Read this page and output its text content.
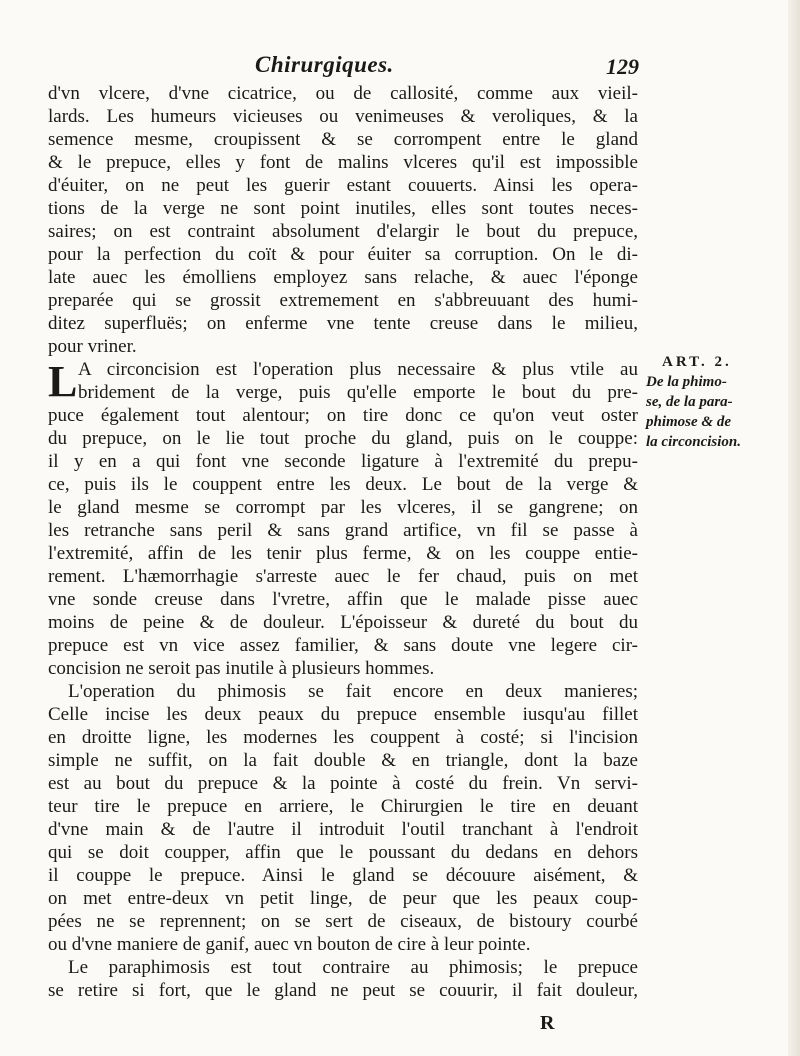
Chirurgiques.	129
d'vn vlcere, d'vne cicatrice, ou de callosité, comme aux vieil-
lards. Les humeurs vicieuses ou venimeuses & veroliques, & la
semence mesme, croupissent & se corrompent entre le gland
& le prepuce, elles y font de malins vlceres qu'il est impossible
d'éuiter, on ne peut les guerir estant couuerts. Ainsi les opera-
tions de la verge ne sont point inutiles, elles sont toutes neces-
saires; on est contraint absolument d'elargir le bout du prepuce,
pour la perfection du coït & pour éuiter sa corruption. On le di-
late auec les émolliens employez sans relache, & auec l'éponge
preparée qui se grossit extremement en s'abbreuuant des humi-
ditez superfluës; on enferme vne tente creuse dans le milieu,
pour vriner.
L A circoncision est l'operation plus necessaire & plus vtile au
bridement de la verge, puis qu'elle emporte le bout du pre-
puce également tout alentour; on tire donc ce qu'on veut oster
du prepuce, on le lie tout proche du gland, puis on le couppe:
il y en a qui font vne seconde ligature à l'extremité du prepu-
ce, puis ils le couppent entre les deux. Le bout de la verge &
le gland mesme se corrompt par les vlceres, il se gangrene; on
les retranche sans peril & sans grand artifice, vn fil se passe à
l'extremité, affin de les tenir plus ferme, & on les couppe entie-
rement. L'hæmorrhagie s'arreste auec le fer chaud, puis on met
vne sonde creuse dans l'vretre, affin que le malade pisse auec
moins de peine & de douleur. L'époisseur & dureté du bout du
prepuce est vn vice assez familier, & sans doute vne legere cir-
concision ne seroit pas inutile à plusieurs hommes.
L'operation du phimosis se fait encore en deux manieres;
Celle incise les deux peaux du prepuce ensemble iusqu'au fillet
en droitte ligne, les modernes les couppent à costé; si l'incision
simple ne suffit, on la fait double & en triangle, dont la baze
est au bout du prepuce & la pointe à costé du frein. Vn servi-
teur tire le prepuce en arriere, le Chirurgien le tire en deuant
d'vne main & de l'autre il introduit l'outil tranchant à l'endroit
qui se doit coupper, affin que le poussant du dedans en dehors
il couppe le prepuce. Ainsi le gland se découure aisément, &
on met entre-deux vn petit linge, de peur que les peaux coup-
pées ne se reprennent; on se sert de ciseaux, de bistoury courbé
ou d'vne maniere de ganif, auec vn bouton de cire à leur pointe.
Le paraphimosis est tout contraire au phimosis; le prepuce
se retire si fort, que le gland ne peut se couurir, il fait douleur,
ART. 2.
De la phimo-
se, de la para-
phimose & de
la circoncision.
R
